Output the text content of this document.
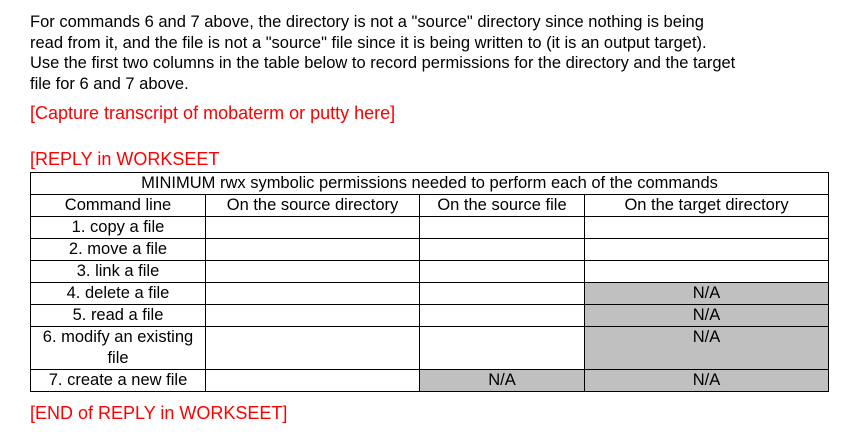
For commands 6 and 7 above, the directory is not a "source" directory since nothing is being
read from it, and the file is not a "source" file since it is being written to (it is an output target).
Use the first two columns in the table below to record permissions for the directory and the target
file for 6 and 7 above.
[Capture transcript of mobaterm or putty here]
[REPLY in WORKSEET
MINIMUM rwx symbolic permissions needed to perform each of the commands			
Command line	On the source directory	On the source file	On the target directory
1. copy a file			
2. move a file			
3. link a file			
4. delete a file			N/A
5. read a file			N/A
6. modify an existing file			N/A
7. create a new file		N/A	N/A
[END of REPLY in WORKSEET]
